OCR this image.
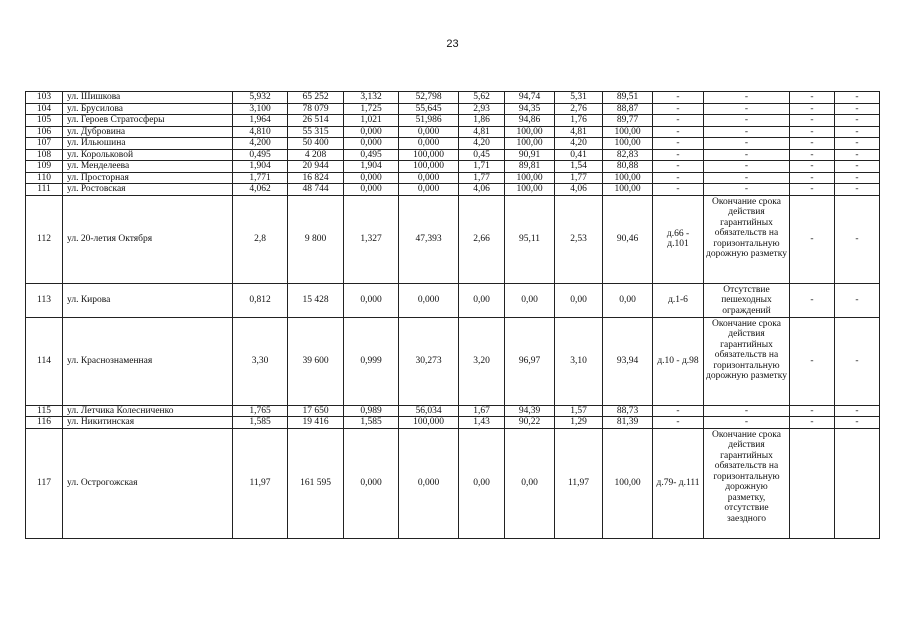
23
103	ул. Шишкова	5,932	65 252	3,132	52,798	5,62	94,74	5,31	89,51	-	-	-	-
104	ул. Брусилова	3,100	78 079	1,725	55,645	2,93	94,35	2,76	88,87	-	-	-	-
105	ул. Героев Стратосферы	1,964	26 514	1,021	51,986	1,86	94,86	1,76	89,77	-	-	-	-
106	ул. Дубровина	4,810	55 315	0,000	0,000	4,81	100,00	4,81	100,00	-	-	-	-
107	ул. Ильюшина	4,200	50 400	0,000	0,000	4,20	100,00	4,20	100,00	-	-	-	-
108	ул. Корольковой	0,495	4 208	0,495	100,000	0,45	90,91	0,41	82,83	-	-	-	-
109	ул. Менделеева	1,904	20 944	1,904	100,000	1,71	89,81	1,54	80,88	-	-	-	-
110	ул. Просторная	1,771	16 824	0,000	0,000	1,77	100,00	1,77	100,00	-	-	-	-
111	ул. Ростовская	4,062	48 744	0,000	0,000	4,06	100,00	4,06	100,00	-	-	-	-
112	ул. 20-летия Октября	2,8	9 800	1,327	47,393	2,66	95,11	2,53	90,46	д.66 - д.101	Окончание срока действия гарантийных обязательств на горизонтальную дорожную разметку	-	-
113	ул. Кирова	0,812	15 428	0,000	0,000	0,00	0,00	0,00	0,00	д.1-6	Отсутствие пешеходных ограждений	-	-
114	ул. Краснознаменная	3,30	39 600	0,999	30,273	3,20	96,97	3,10	93,94	д.10 - д.98	Окончание срока действия гарантийных обязательств на горизонтальную дорожную разметку	-	-
115	ул. Летчика Колесниченко	1,765	17 650	0,989	56,034	1,67	94,39	1,57	88,73	-	-	-	-
116	ул. Никитинская	1,585	19 416	1,585	100,000	1,43	90,22	1,29	81,39	-	-	-	-
117	ул. Острогожская	11,97	161 595	0,000	0,000	0,00	0,00	11,97	100,00	д.79- д.111	Окончание срока действия гарантийных обязательств на горизонтальную дорожную разметку, отсутствие заездного		
